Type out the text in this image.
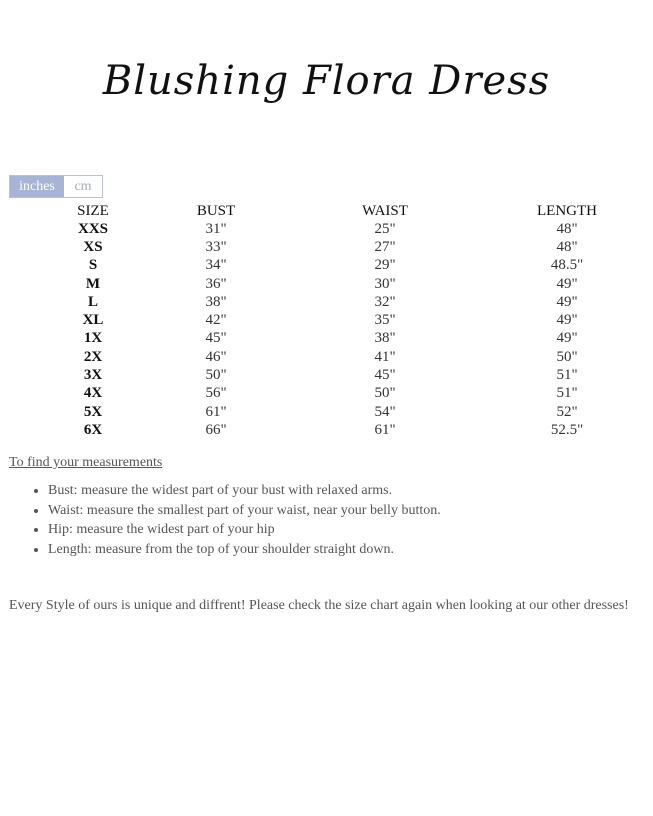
Blushing Flora Dress
inches	cm
SIZE	BUST	WAIST	LENGTH
XXS	31"	25"	48"
XS	33"	27"	48"
S	34"	29"	48.5"
M	36"	30"	49"
L	38"	32"	49"
XL	42"	35"	49"
1X	45"	38"	49"
2X	46"	41"	50"
3X	50"	45"	51"
4X	56"	50"	51"
5X	61"	54"	52"
6X	66"	61"	52.5"
To find your measurements
• Bust: measure the widest part of your bust with relaxed arms.
• Waist: measure the smallest part of your waist, near your belly button.
• Hip: measure the widest part of your hip
• Length: measure from the top of your shoulder straight down.
Every Style of ours is unique and diffrent! Please check the size chart again when looking at our other dresses!
